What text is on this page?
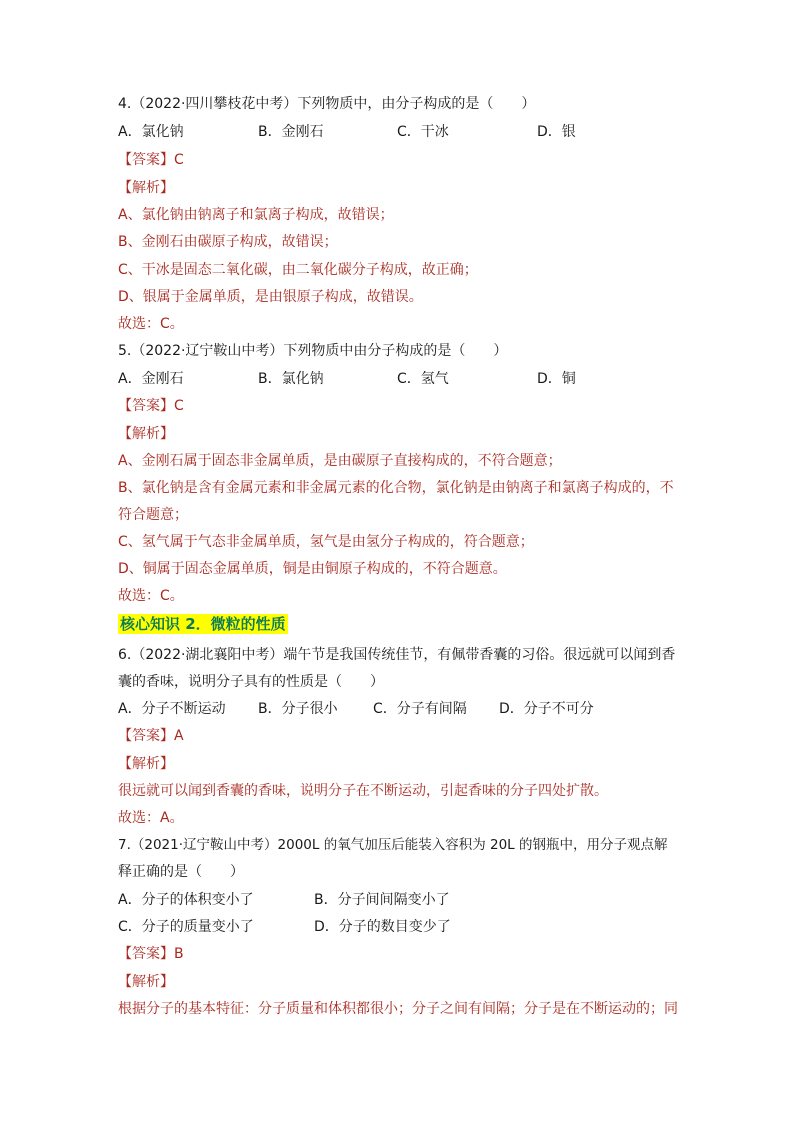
4.（2022·四川攀枝花中考）下列物质中，由分子构成的是（　　）
A．氯化钠	B．金刚石	C．干冰	D．银
【答案】C
【解析】
A、氯化钠由钠离子和氯离子构成，故错误；
B、金刚石由碳原子构成，故错误；
C、干冰是固态二氧化碳，由二氧化碳分子构成，故正确；
D、银属于金属单质，是由银原子构成，故错误。
故选：C。
5.（2022·辽宁鞍山中考）下列物质中由分子构成的是（　　）
A．金刚石	B．氯化钠	C．氢气	D．铜
【答案】C
【解析】
A、金刚石属于固态非金属单质，是由碳原子直接构成的，不符合题意；
B、氯化钠是含有金属元素和非金属元素的化合物，氯化钠是由钠离子和氯离子构成的，不
符合题意；
C、氢气属于气态非金属单质，氢气是由氢分子构成的，符合题意；
D、铜属于固态金属单质，铜是由铜原子构成的，不符合题意。
故选：C。
核心知识 2．微粒的性质
6.（2022·湖北襄阳中考）端午节是我国传统佳节，有佩带香囊的习俗。很远就可以闻到香
囊的香味，说明分子具有的性质是（　　）
A．分子不断运动 B．分子很小	C．分子有间隔 D．分子不可分
【答案】A
【解析】
很远就可以闻到香囊的香味，说明分子在不断运动，引起香味的分子四处扩散。
故选：A。
7.（2021·辽宁鞍山中考）2000L 的氧气加压后能装入容积为 20L 的钢瓶中，用分子观点解
释正确的是（　　）
A．分子的体积变小了	B．分子间间隔变小了
C．分子的质量变小了	D．分子的数目变少了
【答案】B
【解析】
根据分子的基本特征：分子质量和体积都很小；分子之间有间隔；分子是在不断运动的；同
